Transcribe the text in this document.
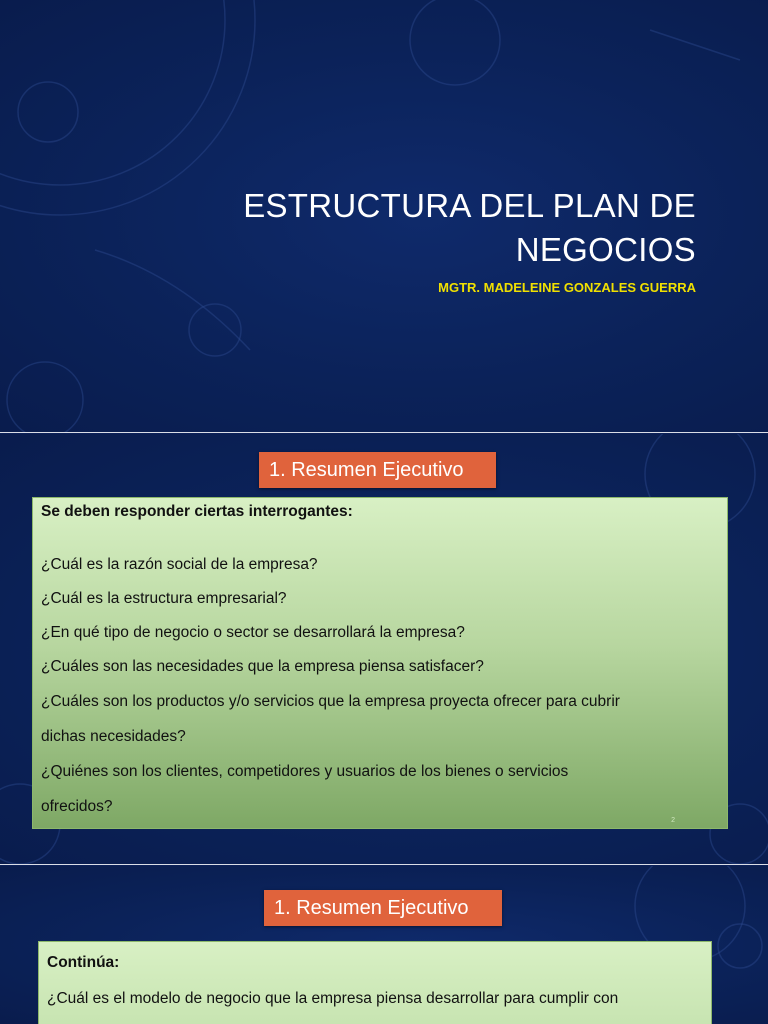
ESTRUCTURA DEL PLAN DE
NEGOCIOS
MGTR. MADELEINE GONZALES GUERRA
1. Resumen Ejecutivo
Se deben responder ciertas interrogantes:
¿Cuál es la razón social de la empresa?
¿Cuál es la estructura empresarial?
¿En qué tipo de negocio o sector se desarrollará la empresa?
¿Cuáles son las necesidades que la empresa piensa satisfacer?
¿Cuáles son los productos y/o servicios que la empresa proyecta ofrecer para cubrir
dichas necesidades?
¿Quiénes son los clientes, competidores y usuarios de los bienes o servicios
ofrecidos?
2
1. Resumen Ejecutivo
Continúa:
¿Cuál es el modelo de negocio que la empresa piensa desarrollar para cumplir con
